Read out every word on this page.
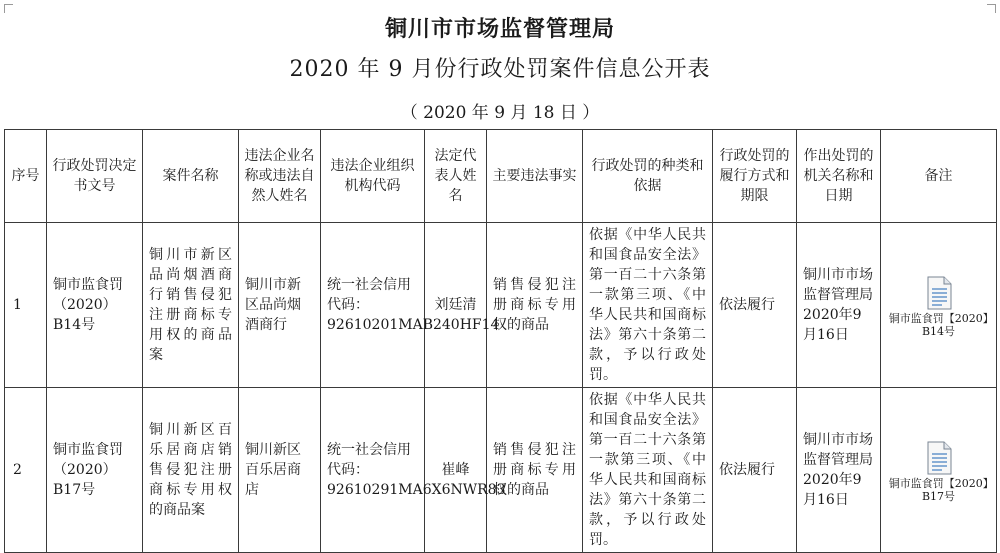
铜川市市场监督管理局
2020 年 9 月份行政处罚案件信息公开表
（ 2020 年 9 月 18 日 ）
序号	行政处罚决定书文号	案件名称	违法企业名称或违法自然人姓名	违法企业组织机构代码	法定代表人姓名	主要违法事实	行政处罚的种类和依据	行政处罚的履行方式和期限	作出处罚的机关名称和日期	备注
1	铜市监食罚（2020）B14号	铜川市新区品尚烟酒商行销售侵犯注册商标专用权的商品案	铜川市新区品尚烟酒商行	统一社会信用代码：92610201MAB240HF14	刘廷清	销售侵犯注册商标专用权的商品	依据《中华人民共和国食品安全法》第一百二十六条第一款第三项、《中华人民共和国商标法》第六十条第二款，予以行政处罚。	依法履行	铜川市市场监督管理局2020年9月16日	铜市监食罚【2020】B14号

2	铜市监食罚（2020）B17号	铜川新区百乐居商店销售侵犯注册商标专用权的商品案	铜川新区百乐居商店	统一社会信用代码：92610291MA6X6NWR83	崔峰	销售侵犯注册商标专用权的商品	依据《中华人民共和国食品安全法》第一百二十六条第一款第三项、《中华人民共和国商标法》第六十条第二款，予以行政处罚。	依法履行	铜川市市场监督管理局2020年9月16日	铜市监食罚【2020】B17号
